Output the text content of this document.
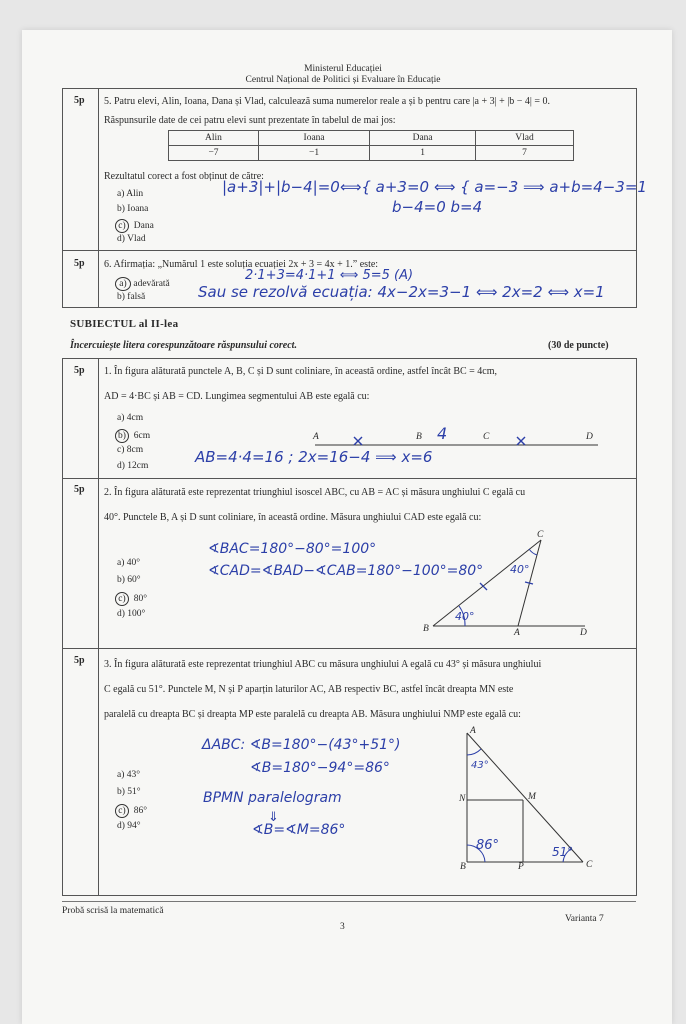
Ministerul Educației
Centrul Național de Politici și Evaluare în Educație
5p 5. Patru elevi, Alin, Ioana, Dana și Vlad, calculează suma numerelor reale a și b pentru care |a + 3| + |b − 4| = 0.
Răspunsurile date de cei patru elevi sunt prezentate în tabelul de mai jos:
Alin	Ioana	Dana	Vlad
−7	−1	1	7
Rezultatul corect a fost obținut de către:
a) Alin
b) Ioana
c) Dana
d) Vlad
|a+3|+|b−4|=0⟺{ a+3=0 ⟺ { a=−3 ⟹ a+b=4−3=1
b−4=0 b=4
5p 6. Afirmația: „Numărul 1 este soluția ecuației 2x + 3 = 4x + 1.” este:
2·1+3=4·1+1 ⟺ 5=5 (A)
a) adevărată
b) falsă	Sau se rezolvă ecuația: 4x−2x=3−1 ⟺ 2x=2 ⟺ x=1
SUBIECTUL al II-lea
Încercuiește litera corespunzătoare răspunsului corect.	(30 de puncte)
5p 1. În figura alăturată punctele A, B, C și D sunt coliniare, în această ordine, astfel încât BC = 4cm,
AD = 4·BC și AB = CD. Lungimea segmentului AB este egală cu:
a) 4cm
b) 6cm
c) 8cm
d) 12cm
A	B	C	D
4
AB=4·4=16 ; 2x=16−4 ⟹ x=6
5p 2. În figura alăturată este reprezentat triunghiul isoscel ABC, cu AB = AC și măsura unghiului C egală cu
40°. Punctele B, A și D sunt coliniare, în această ordine. Măsura unghiului CAD este egală cu:
a) 40°
b) 60°
c) 80°
d) 100°
∢BAC=180°−80°=100°
∢CAD=∢BAD−∢CAB=180°−100°=80°
C
B	A	D
40°
40°
5p 3. În figura alăturată este reprezentat triunghiul ABC cu măsura unghiului A egală cu 43° și măsura unghiului
C egală cu 51°. Punctele M, N și P aparțin laturilor AC, AB respectiv BC, astfel încât dreapta MN este
paralelă cu dreapta BC și dreapta MP este paralelă cu dreapta AB. Măsura unghiului NMP este egală cu:
a) 43°
b) 51°
c) 86°
d) 94°
ΔABC: ∢B=180°−(43°+51°)
∢B=180°−94°=86°
BPMN paralelogram
⇓
∢B=∢M=86°
A
N	M
B	P	C
43°
86°	51°
Probă scrisă la matematică
Varianta 7
3
